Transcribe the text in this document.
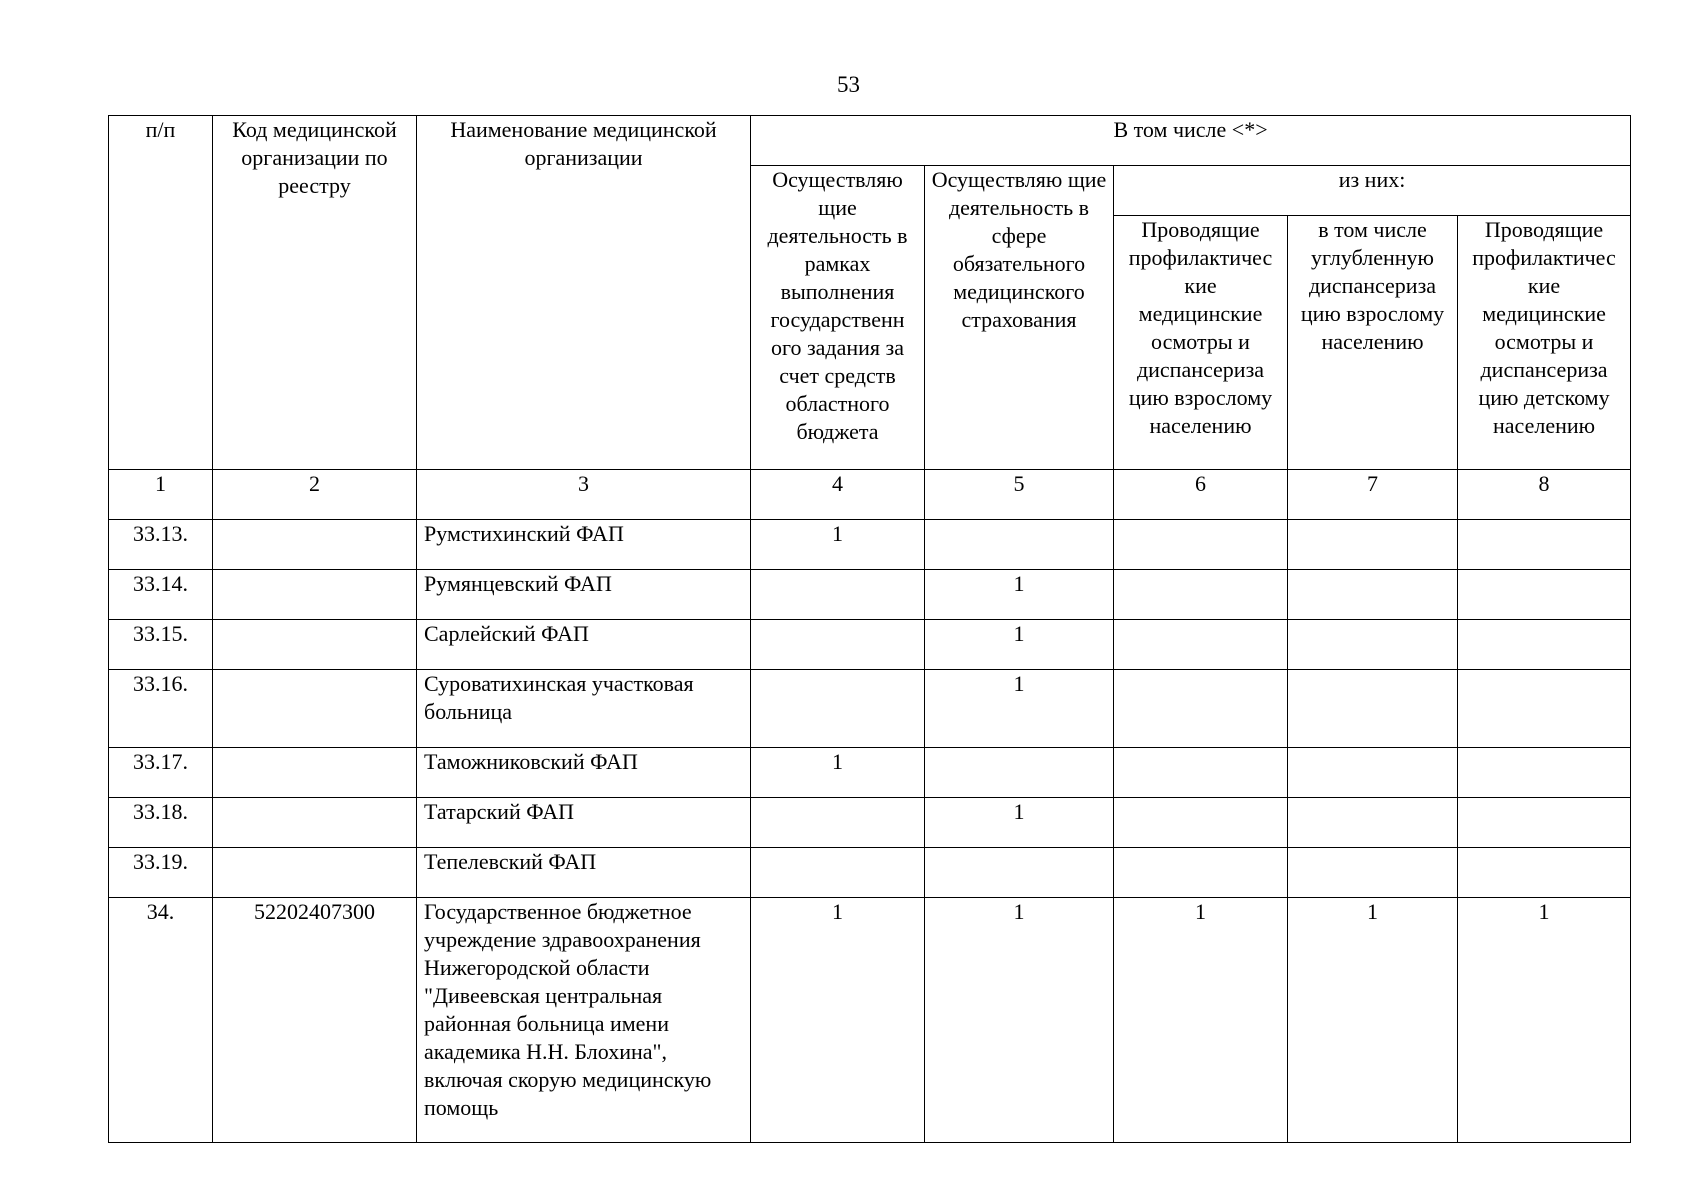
53
п/п	Код медицинской организации по реестру	Наименование медицинской организации	В том числе <*>				
			Осуществляю щие деятельность в рамках выполнения государственн ого задания за счет средств областного бюджета	Осуществляю щие деятельность в сфере обязательного медицинского страхования	из них:		
					Проводящие профилактичес кие медицинские осмотры и диспансериза цию взрослому населению	в том числе углубленную диспансериза цию взрослому населению	Проводящие профилактичес кие медицинские осмотры и диспансериза цию детскому населению
1	2	3	4	5	6	7	8
33.13.		Румстихинский ФАП	1				
33.14.		Румянцевский ФАП		1			
33.15.		Сарлейский ФАП		1			
33.16.		Суроватихинская участковая больница		1			
33.17.		Таможниковский ФАП	1				
33.18.		Татарский ФАП		1			
33.19.		Тепелевский ФАП					
34.	52202407300	Государственное бюджетное учреждение здравоохранения Нижегородской области "Дивеевская центральная районная больница имени академика Н.Н. Блохина", включая скорую медицинскую помощь	1	1	1	1	1
